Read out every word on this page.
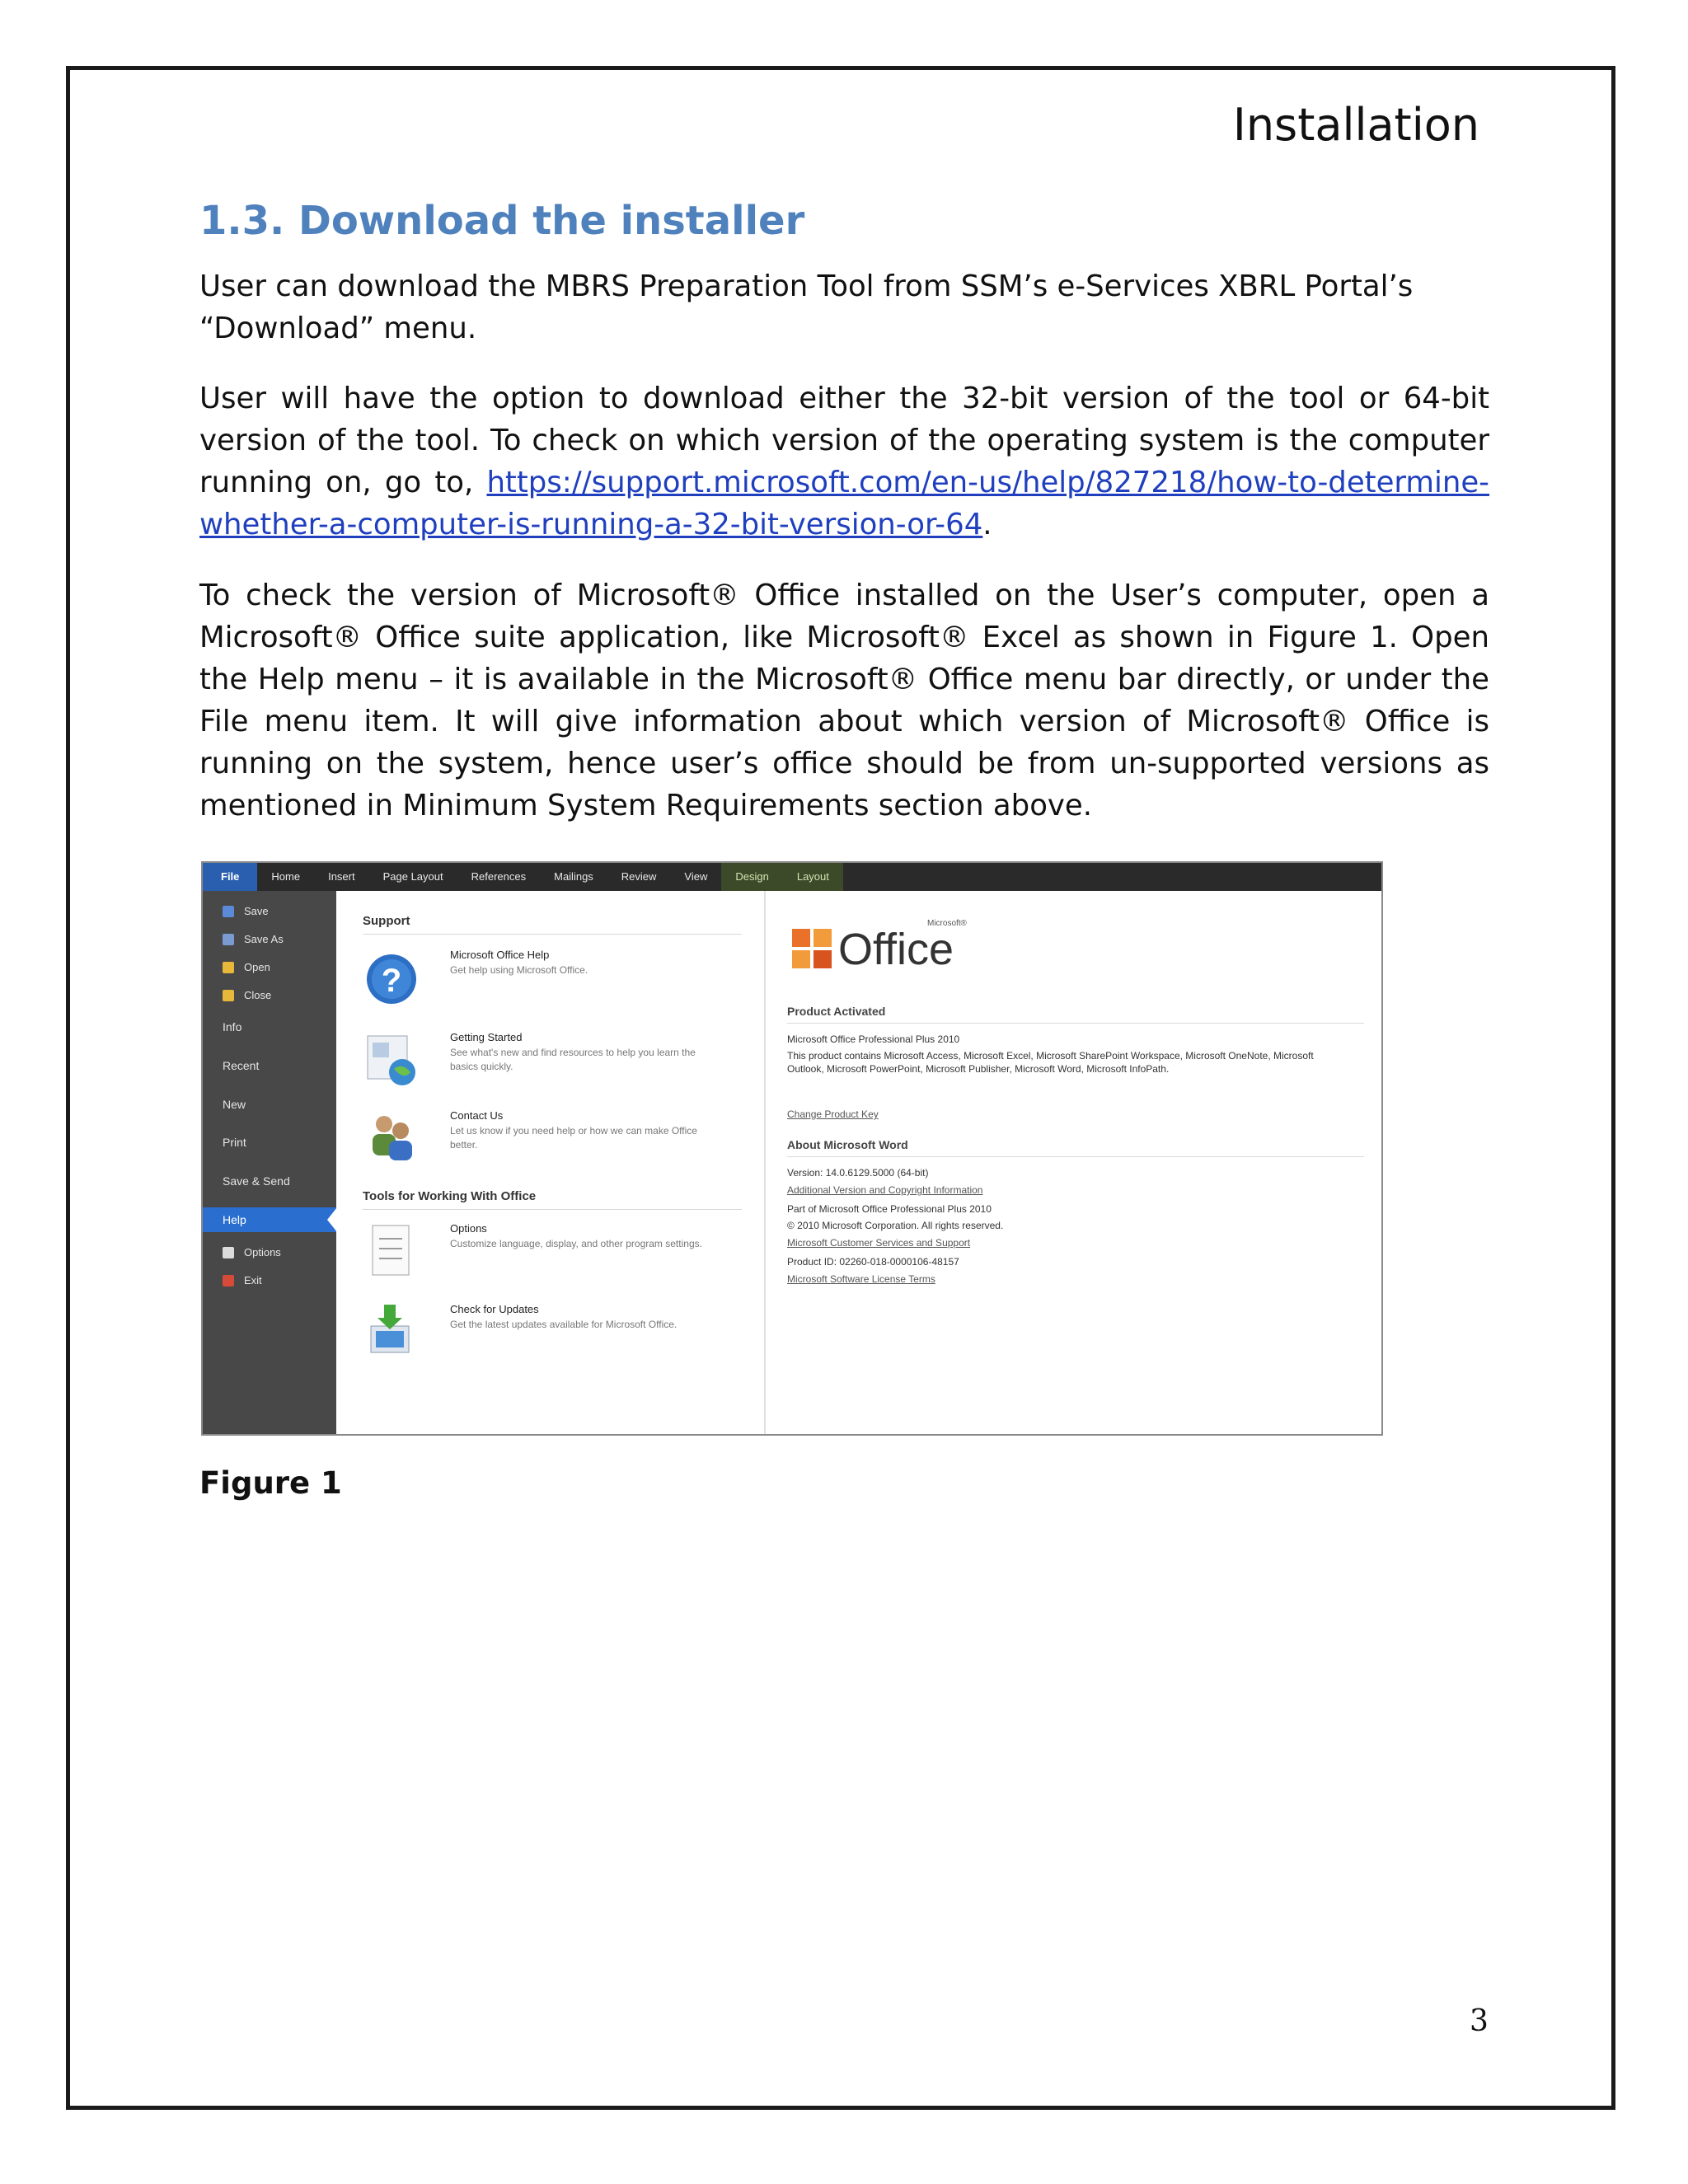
Installation
1.3. Download the installer
User can download the MBRS Preparation Tool from SSM’s e-Services XBRL Portal’s “Download” menu.
User will have the option to download either the 32-bit version of the tool or 64-bit version of the tool. To check on which version of the operating system is the computer running on, go to, https://support.microsoft.com/en-us/help/827218/how-to-determine-whether-a-computer-is-running-a-32-bit-version-or-64.
To check the version of Microsoft® Office installed on the User’s computer, open a Microsoft® Office suite application, like Microsoft® Excel as shown in Figure 1. Open the Help menu – it is available in the Microsoft® Office menu bar directly, or under the File menu item. It will give information about which version of Microsoft® Office is running on the system, hence user’s office should be from un-supported versions as mentioned in Minimum System Requirements section above.
File	Home	Insert	Page Layout	References	Mailings	Review	View	Design	Layout
Save
Save As
Open
Close
Info
Recent
New
Print
Save & Send
Help
Options
Exit
Support
?
Microsoft Office Help
Get help using Microsoft Office.
Getting Started
See what's new and find resources to help you learn the basics quickly.
Contact Us
Let us know if you need help or how we can make Office better.
Tools for Working With Office
Options
Customize language, display, and other program settings.
Check for Updates
Get the latest updates available for Microsoft Office.
Office
Microsoft®
Product Activated
Microsoft Office Professional Plus 2010
This product contains Microsoft Access, Microsoft Excel, Microsoft SharePoint Workspace, Microsoft OneNote, Microsoft Outlook, Microsoft PowerPoint, Microsoft Publisher, Microsoft Word, Microsoft InfoPath.
Change Product Key
About Microsoft Word
Version: 14.0.6129.5000 (64-bit)
Additional Version and Copyright Information
Part of Microsoft Office Professional Plus 2010
© 2010 Microsoft Corporation. All rights reserved.
Microsoft Customer Services and Support
Product ID: 02260-018-0000106-48157
Microsoft Software License Terms
Figure 1
3
